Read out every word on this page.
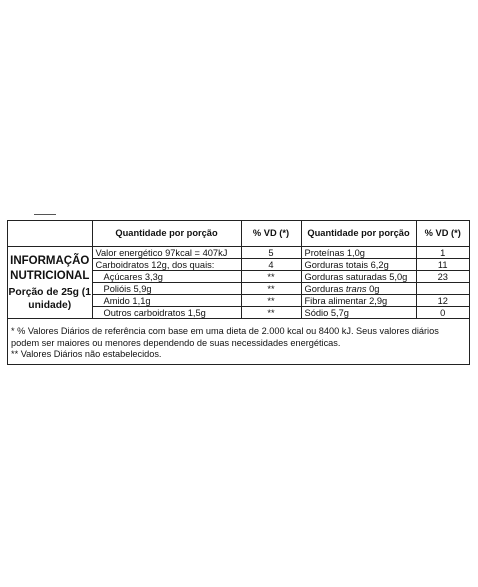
	Quantidade por porção	% VD (*)	Quantidade por porção	% VD (*)

INFORMAÇÃO NUTRICIONAL
Porção de 25g (1 unidade)	Valor energético 97kcal = 407kJ	5	Proteínas 1,0g	1
	Carboidratos 12g, dos quais:	4	Gorduras totais 6,2g	11
	Açúcares 3,3g	**	Gorduras saturadas 5,0g	23
	Polióis 5,9g	**	Gorduras trans 0g	
	Amido 1,1g	**	Fibra alimentar 2,9g	12
	Outros carboidratos 1,5g	**	Sódio 5,7g	0

* % Valores Diários de referência com base em uma dieta de 2.000 kcal ou 8400 kJ. Seus valores diários podem ser maiores ou menores dependendo de suas necessidades energéticas.

** Valores Diários não estabelecidos.
